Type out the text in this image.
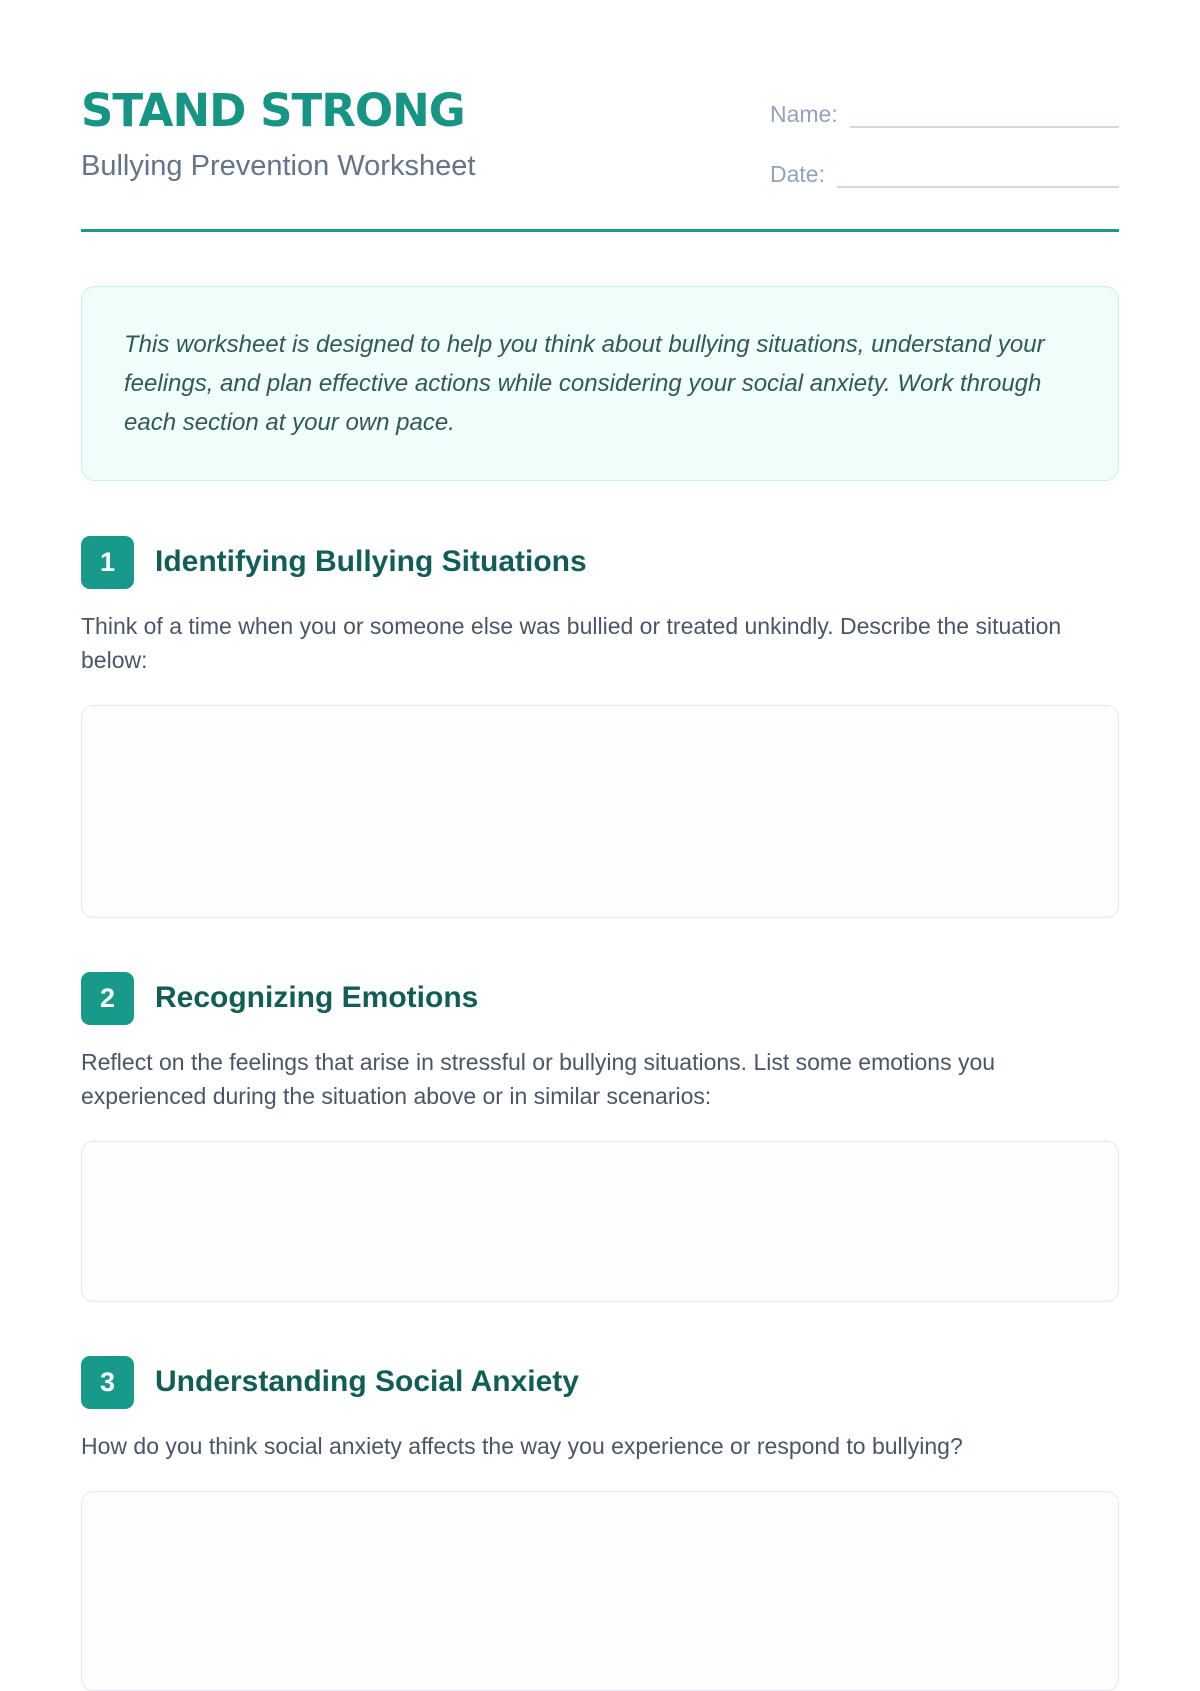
STAND STRONG
Bullying Prevention Worksheet
Name:
Date:

This worksheet is designed to help you think about bullying situations, understand your feelings, and plan effective actions while considering your social anxiety. Work through each section at your own pace.

1	Identifying Bullying Situations

Think of a time when you or someone else was bullied or treated unkindly. Describe the situation below:

2	Recognizing Emotions

Reflect on the feelings that arise in stressful or bullying situations. List some emotions you experienced during the situation above or in similar scenarios:

3	Understanding Social Anxiety

How do you think social anxiety affects the way you experience or respond to bullying?
